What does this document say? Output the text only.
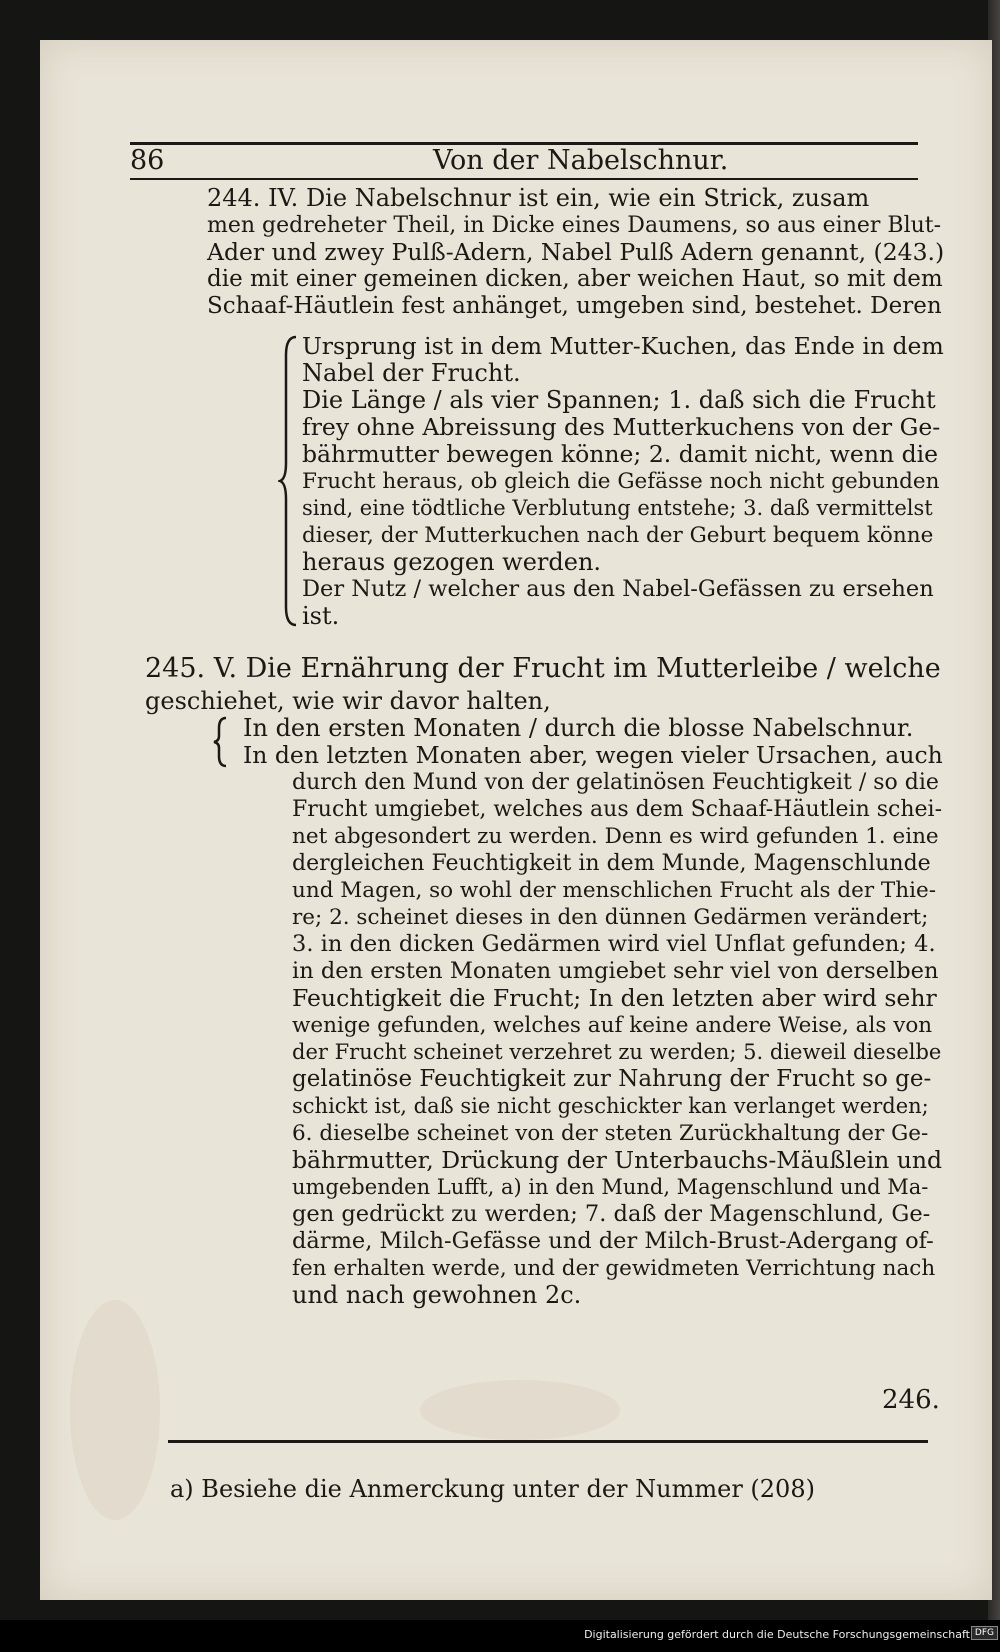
86	Von der Nabelschnur.
244. IV. Die Nabelschnur ist ein, wie ein Strick, zusam
men gedreheter Theil, in Dicke eines Daumens, so aus einer Blut-
Ader und zwey Pulß-Adern, Nabel Pulß Adern genannt, (243.)
die mit einer gemeinen dicken, aber weichen Haut, so mit dem
Schaaf-Häutlein fest anhänget, umgeben sind, bestehet. Deren
Ursprung ist in dem Mutter-Kuchen, das Ende in dem
Nabel der Frucht.
Die Länge / als vier Spannen; 1. daß sich die Frucht
frey ohne Abreissung des Mutterkuchens von der Ge-
bährmutter bewegen könne; 2. damit nicht, wenn die
Frucht heraus, ob gleich die Gefässe noch nicht gebunden
sind, eine tödtliche Verblutung entstehe; 3. daß vermittelst
dieser, der Mutterkuchen nach der Geburt bequem könne
heraus gezogen werden.
Der Nutz / welcher aus den Nabel-Gefässen zu ersehen
ist.
245. V. Die Ernährung der Frucht im Mutterleibe / welche
geschiehet, wie wir davor halten,
In den ersten Monaten / durch die blosse Nabelschnur.
In den letzten Monaten aber, wegen vieler Ursachen, auch
durch den Mund von der gelatinösen Feuchtigkeit / so die
Frucht umgiebet, welches aus dem Schaaf-Häutlein schei-
net abgesondert zu werden. Denn es wird gefunden 1. eine
dergleichen Feuchtigkeit in dem Munde, Magenschlunde
und Magen, so wohl der menschlichen Frucht als der Thie-
re; 2. scheinet dieses in den dünnen Gedärmen verändert;
3. in den dicken Gedärmen wird viel Unflat gefunden; 4.
in den ersten Monaten umgiebet sehr viel von derselben
Feuchtigkeit die Frucht; In den letzten aber wird sehr
wenige gefunden, welches auf keine andere Weise, als von
der Frucht scheinet verzehret zu werden; 5. dieweil dieselbe
gelatinöse Feuchtigkeit zur Nahrung der Frucht so ge-
schickt ist, daß sie nicht geschickter kan verlanget werden;
6. dieselbe scheinet von der steten Zurückhaltung der Ge-
bährmutter, Drückung der Unterbauchs-Mäußlein und
umgebenden Lufft, a) in den Mund, Magenschlund und Ma-
gen gedrückt zu werden; 7. daß der Magenschlund, Ge-
därme, Milch-Gefässe und der Milch-Brust-Adergang of-
fen erhalten werde, und der gewidmeten Verrichtung nach
und nach gewohnen 2c.
246.
a) Besiehe die Anmerckung unter der Nummer (208)
Digitalisierung gefördert durch die Deutsche Forschungsgemeinschaft DFG
